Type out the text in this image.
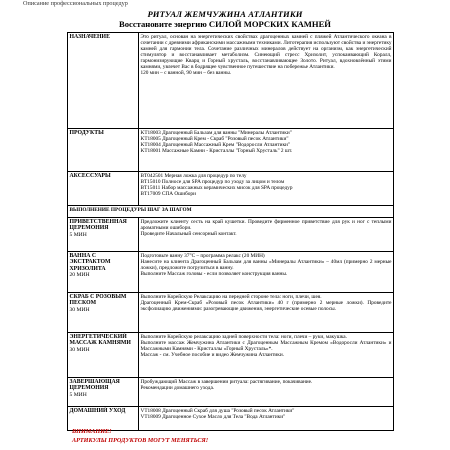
Описание профессиональных процедур
РИТУАЛ ЖЕМЧУЖИНА АТЛАНТИКИ
Восстановите энергию СИЛОЙ МОРСКИХ КАМНЕЙ
НАЗНАЧЕНИЕ	Это ритуал, основан на энергетических свойствах драгоценных камней с пляжей Атлантического океана в сочетании с древними африканскими массажными техниками. Литотерапия используют свойства и энергетику камней для гармонии тела. Сочетание различных минералов действует на организм, как энергетический стимулятор и восстанавливает метаболизм. Синеющий стресс Хризолит, успокаивающий Коралл, гармонизирующие Кварц и Горный хрусталь, восстанавливающее Золото. Ритуал, вдохновлённый этими камнями, увлечет Вас в бодрящее чувственное путешествие на побережье Атлантики.
120 мин – с ванной, 90 мин – без ванны.

ПРОДУКТЫ	KT18003 Драгоценный Бальзам для ванны "Минералы Атлантики"
KT18005 Драгоценный Крем - Скраб "Розовый песок Атлантики"
KT18004 Драгоценный Массажный Крем "Водоросли Атлантики"
KT18001 Массажные Камни - Кристаллы "Горный Хрусталь" 2 шт.

АКСЕССУАРЫ	BT042501 Мерная ложка для процедур по телу
BT15010 Полносе для SPA процедур по уходу за лицом и телом
BT15011 Набор массажных керамических мисок для SPA процедур
BT17009 СПА Ошибори

ВЫПОЛНЕНИЕ ПРОЦЕДУРЫ ШАГ ЗА ШАГОМ	

ПРИВЕТСТВЕННАЯ ЦЕРЕМОНИЯ
5 МИН	Предложите клиенту сесть на край кушетки. Проведите фирменное приветствие для рук и ног с теплыми ароматными ошибори.
Проведите Начальный сенсорный контакт.

ВАННА С ЭКСТРАКТОМ ХРИЗОЛИТА
20 МИН	Подготовьте ванну 37°С – программа релакс (20 МИН)
Нанесите на клиента Драгоценный Бальзам для ванны «Минералы Атлантики» – 40мл (примерно 2 мерные ложки), предложите погрузиться в ванну.
Выполните Массаж головы - если позволяет конструкция ванны.

СКРАБ С РОЗОВЫМ ПЕСКОМ
30 МИН	Выполните Корейскую Релаксацию на передней стороне тела: ноги, плечи, шея.
Драгоценный Крем-Скраб «Розовый песок Атлантики» 40 г (примерно 2 мерные ложки). Проведите эксфолиацию движениями: разогревающие движения, энергетические осевые полосы.

ЭНЕРГЕТИЧЕСКИЙ МАССАЖ КАМНЯМИ
30 МИН	Выполните Корейскую релаксацию задней поверхности тела: ноги, плечи – руки, макушка.
Выполните массаж Жемчужина Атлантики с Драгоценным Массажным Кремом «Водоросли Атлантики» и Массажными Камнями - Кристаллы «Горный Хрусталь»*.
Массаж - см. Учебное пособие и видео Жемчужина Атлантики.

ЗАВЕРШАЮЩАЯ ЦЕРЕМОНИЯ
5 МИН	Пробуждающий Массаж в завершении ритуала: растягивание, покачивание.
Рекомендации домашнего ухода.

ДОМАШНИЙ УХОД	VT18008 Драгоценный Скраб для душа "Розовый песок Атлантики"
VT18009 Драгоценное Сухое Масло для Тела "Вода Атлантики"
ВНИМАНИЕ!
АРТИКУЛЫ ПРОДУКТОВ МОГУТ МЕНЯТЬСЯ!
